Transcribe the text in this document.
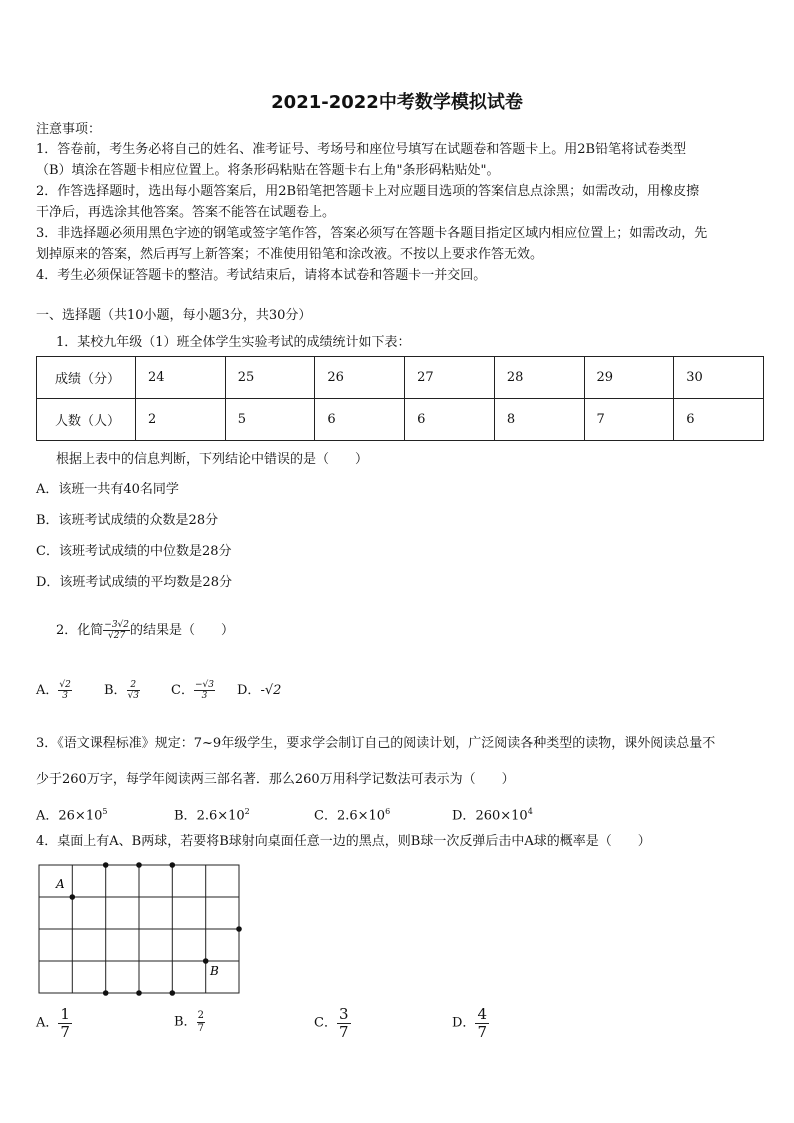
2021-2022中考数学模拟试卷
注意事项：
1．答卷前，考生务必将自己的姓名、准考证号、考场号和座位号填写在试题卷和答题卡上。用2B铅笔将试卷类型
（B）填涂在答题卡相应位置上。将条形码粘贴在答题卡右上角"条形码粘贴处"。
2．作答选择题时，选出每小题答案后，用2B铅笔把答题卡上对应题目选项的答案信息点涂黑；如需改动，用橡皮擦
干净后，再选涂其他答案。答案不能答在试题卷上。
3．非选择题必须用黑色字迹的钢笔或签字笔作答，答案必须写在答题卡各题目指定区域内相应位置上；如需改动，先
划掉原来的答案，然后再写上新答案；不准使用铅笔和涂改液。不按以上要求作答无效。
4．考生必须保证答题卡的整洁。考试结束后，请将本试卷和答题卡一并交回。
一、选择题（共10小题，每小题3分，共30分）
1．某校九年级（1）班全体学生实验考试的成绩统计如下表：
成绩（分）	24	25	26	27	28	29	30
人数（人）	2	5	6	6	8	7	6
根据上表中的信息判断，下列结论中错误的是（　　）
A．该班一共有40名同学
B．该班考试成绩的众数是28分
C．该班考试成绩的中位数是28分
D．该班考试成绩的平均数是28分
2．化简 $\frac{-3√2}{√27}$ 的结果是（　　）
A． $\frac{√2}{3}$ B． $\frac{2}{√3}$ C． $\frac{-√3}{3}$ D．-√2
3．《语文课程标准》规定：7~9年级学生，要求学会制订自己的阅读计划，广泛阅读各种类型的读物，课外阅读总量不
少于260万字，每学年阅读两三部名著．那么260万用科学记数法可表示为（　　）
A．$26\times 10^5$	B．$2.6\times 10^2$	C．$2.6\times 10^6$	D．$260\times 10^4$
4．桌面上有A、B两球，若要将B球射向桌面任意一边的黑点，则B球一次反弹后击中A球的概率是（　　）
A
B
A． $\frac{1}{7}$	B． $\frac{2}{7}$	C． $\frac{3}{7}$	D． $\frac{4}{7}$
